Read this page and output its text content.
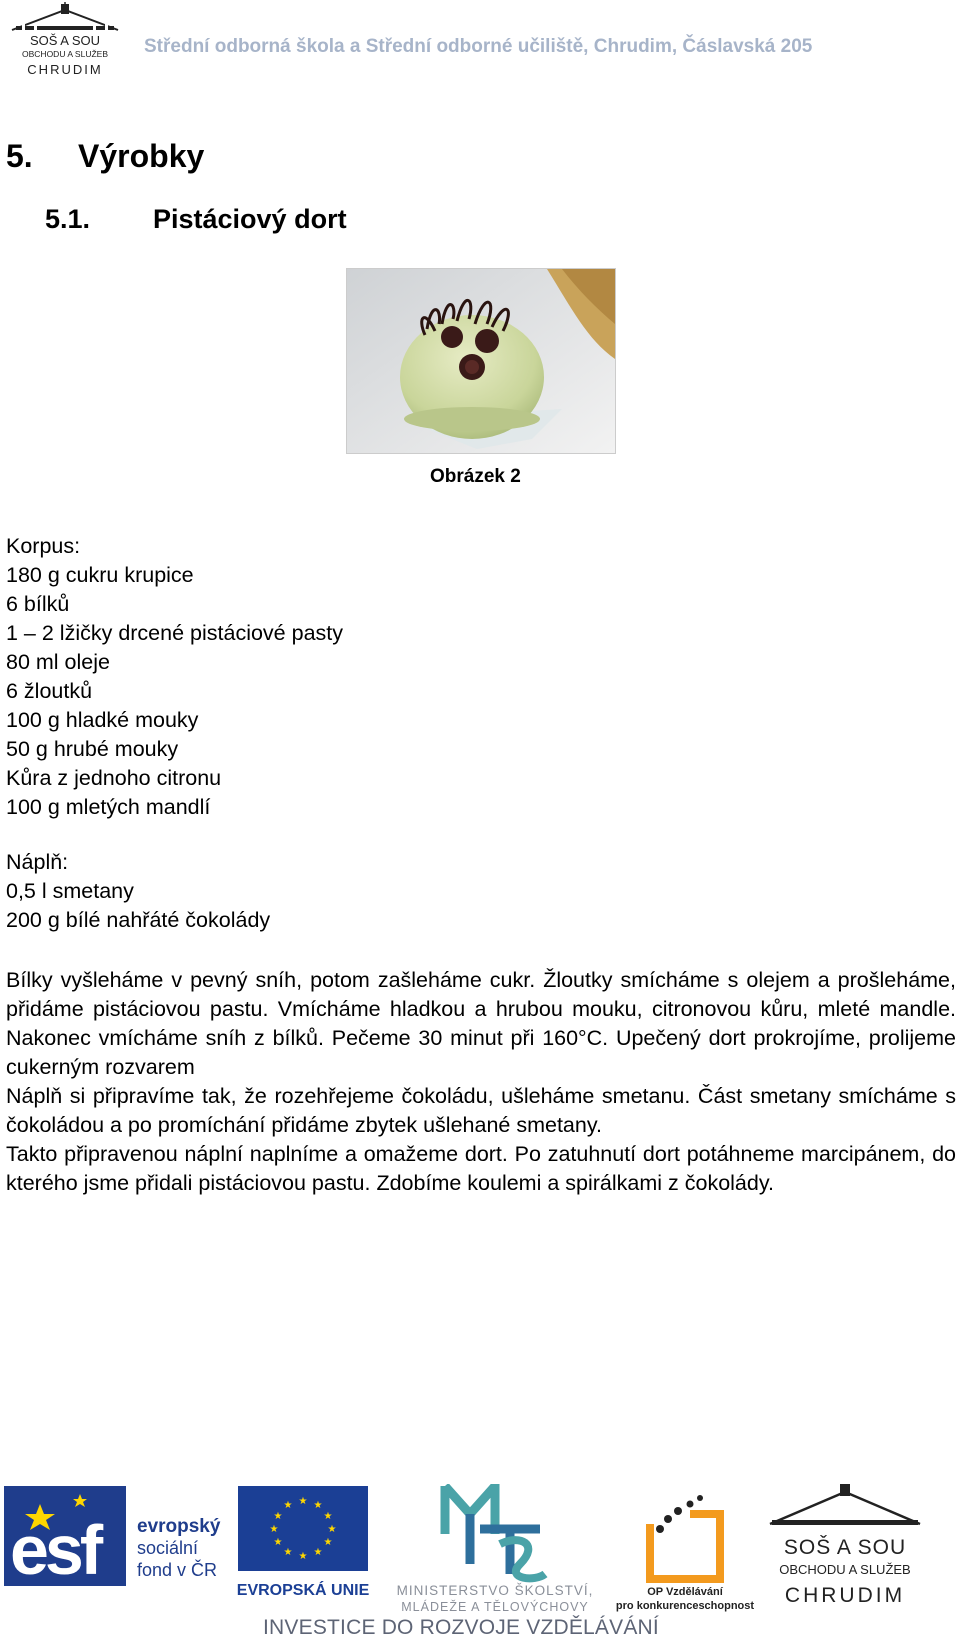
SOŠ A SOU
OBCHODU A SLUŽEB
CHRUDIM
Střední odborná škola a Střední odborné učiliště, Chrudim, Čáslavská 205
5. Výrobky
5.1. Pistáciový dort
Obrázek 2
Korpus:
180 g cukru krupice
6 bílků
1 – 2 lžičky drcené pistáciové pasty
80 ml oleje
6 žloutků
100 g hladké mouky
50 g hrubé mouky
Kůra z jednoho citronu
100 g mletých mandlí
Náplň:
0,5 l smetany
200 g bílé nahřáté čokolády

Bílky vyšleháme v pevný sníh, potom zašleháme cukr. Žloutky smícháme s olejem a prošleháme, přidáme pistáciovou pastu. Vmícháme hladkou a hrubou mouku, citronovou kůru, mleté mandle. Nakonec vmícháme sníh z bílků. Pečeme 30 minut při 160°C. Upečený dort prokrojíme, prolijeme cukerným rozvarem

Náplň si připravíme tak, že rozehřejeme čokoládu, ušleháme smetanu. Část smetany smícháme s čokoládou a po promíchání přidáme zbytek ušlehané smetany.

Takto připravenou náplní naplníme a omažeme dort. Po zatuhnutí dort potáhneme marcipánem, do kterého jsme přidali pistáciovou pastu. Zdobíme koulemi a spirálkami z čokolády.

esf evropský
sociální
fond v ČR
★ ★
★
★
★
★
★
★
★
★
★
★
EVROPSKÁ UNIE MINISTERSTVO ŠKOLSTVÍ,
MLÁDEŽE A TĚLOVÝCHOVY
OP Vzdělávání
pro konkurenceschopnost
SOŠ A SOU
OBCHODU A SLUŽEB
CHRUDIM
INVESTICE DO ROZVOJE VZDĚLÁVÁNÍ
